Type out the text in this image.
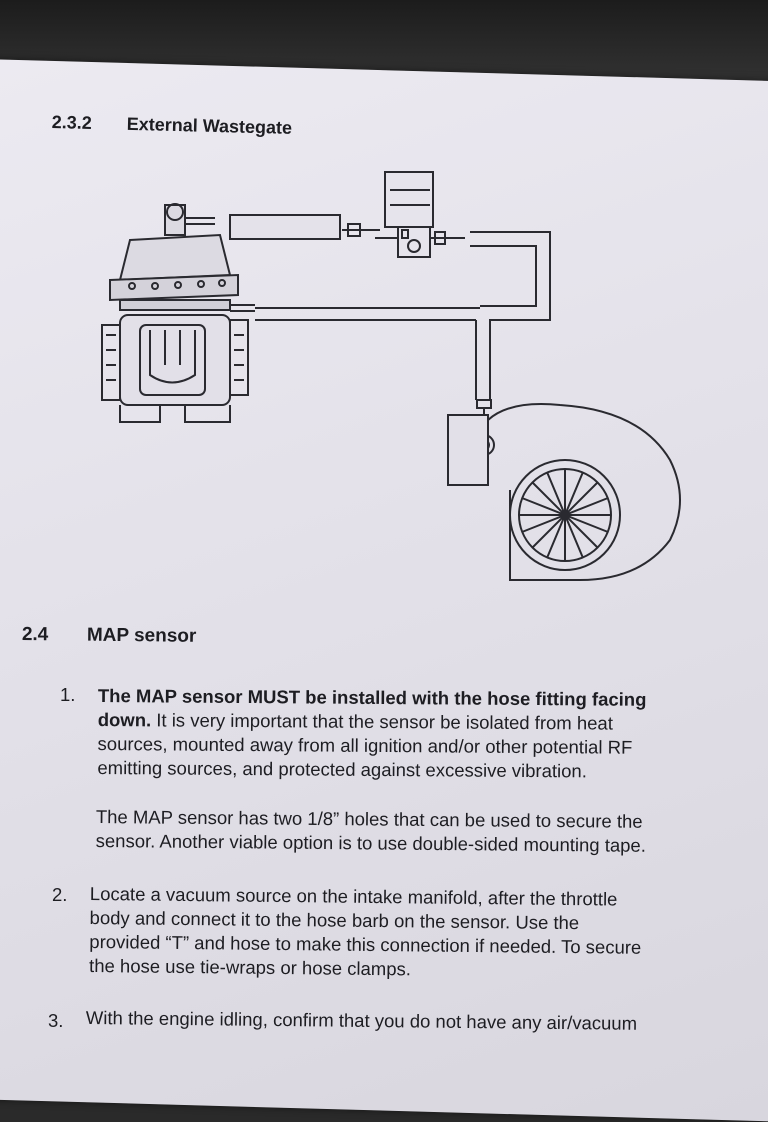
2.3.2 External Wastegate
2.4 MAP sensor
1. The MAP sensor MUST be installed with the hose fitting facing
down. It is very important that the sensor be isolated from heat
sources, mounted away from all ignition and/or other potential RF
emitting sources, and protected against excessive vibration.
The MAP sensor has two 1/8” holes that can be used to secure the
sensor. Another viable option is to use double-sided mounting tape.
2. Locate a vacuum source on the intake manifold, after the throttle
body and connect it to the hose barb on the sensor. Use the
provided “T” and hose to make this connection if needed. To secure
the hose use tie-wraps or hose clamps.
3. With the engine idling, confirm that you do not have any air/vacuum
